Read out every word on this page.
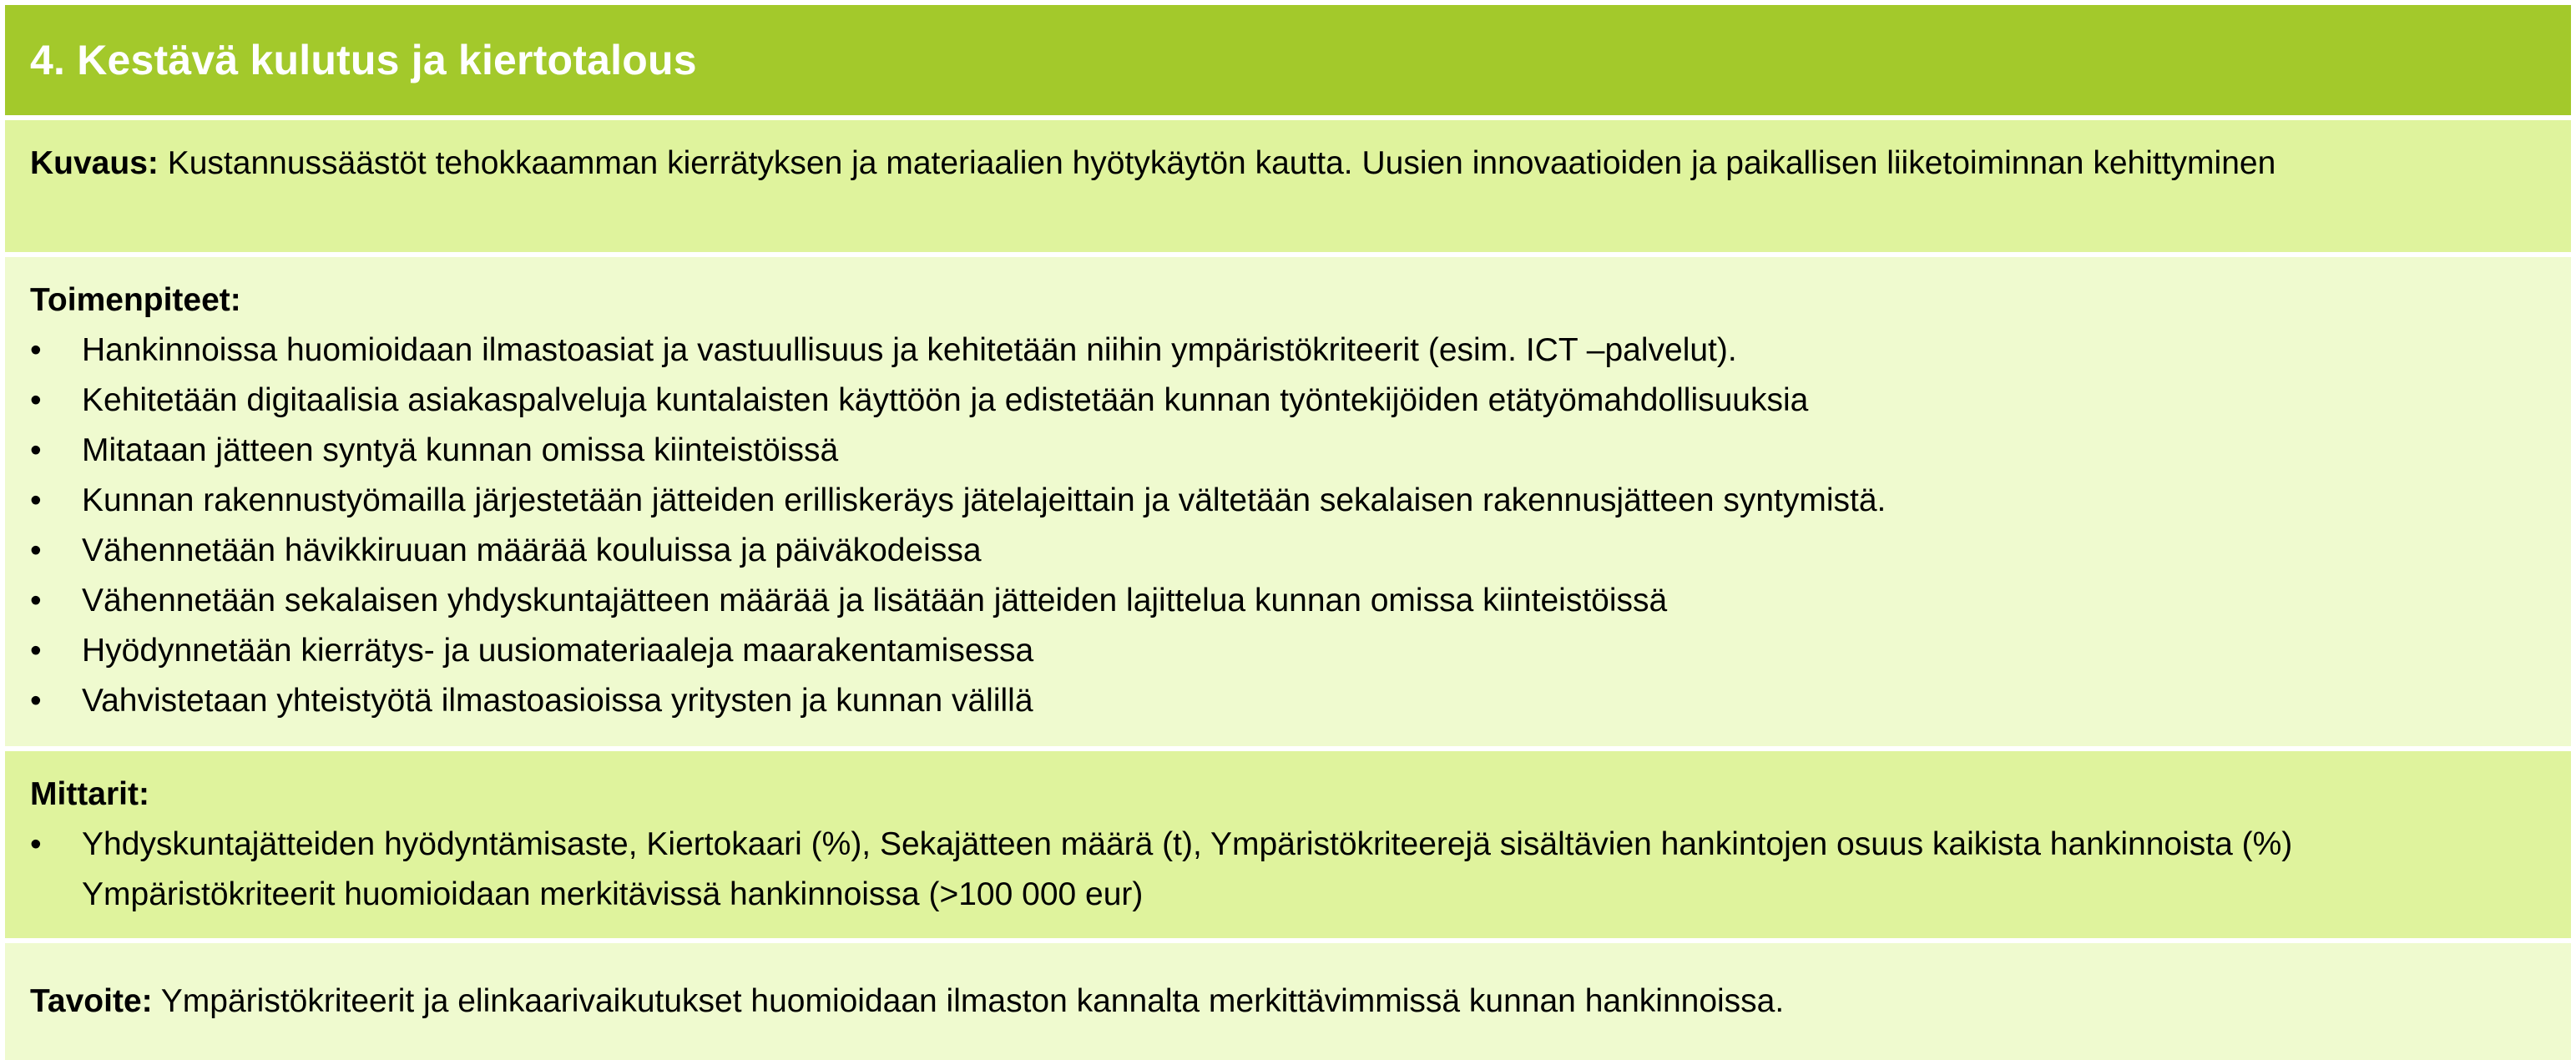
4. Kestävä kulutus ja kiertotalous
Kuvaus: Kustannussäästöt tehokkaamman kierrätyksen ja materiaalien hyötykäytön kautta. Uusien innovaatioiden ja paikallisen liiketoiminnan kehittyminen
Toimenpiteet:
•	Hankinnoissa huomioidaan ilmastoasiat ja vastuullisuus ja kehitetään niihin ympäristökriteerit (esim. ICT –palvelut).
•	Kehitetään digitaalisia asiakaspalveluja kuntalaisten käyttöön ja edistetään kunnan työntekijöiden etätyömahdollisuuksia
•	Mitataan jätteen syntyä kunnan omissa kiinteistöissä
•	Kunnan rakennustyömailla järjestetään jätteiden erilliskeräys jätelajeittain ja vältetään sekalaisen rakennusjätteen syntymistä.
•	Vähennetään hävikkiruuan määrää kouluissa ja päiväkodeissa
•	Vähennetään sekalaisen yhdyskuntajätteen määrää ja lisätään jätteiden lajittelua kunnan omissa kiinteistöissä
•	Hyödynnetään kierrätys- ja uusiomateriaaleja maarakentamisessa
•	Vahvistetaan yhteistyötä ilmastoasioissa yritysten ja kunnan välillä
Mittarit:
•	Yhdyskuntajätteiden hyödyntämisaste, Kiertokaari (%), Sekajätteen määrä (t), Ympäristökriteerejä sisältävien hankintojen osuus kaikista hankinnoista (%) Ympäristökriteerit huomioidaan merkitävissä hankinnoissa (>100 000 eur)
Tavoite: Ympäristökriteerit ja elinkaarivaikutukset huomioidaan ilmaston kannalta merkittävimmissä kunnan hankinnoissa.
